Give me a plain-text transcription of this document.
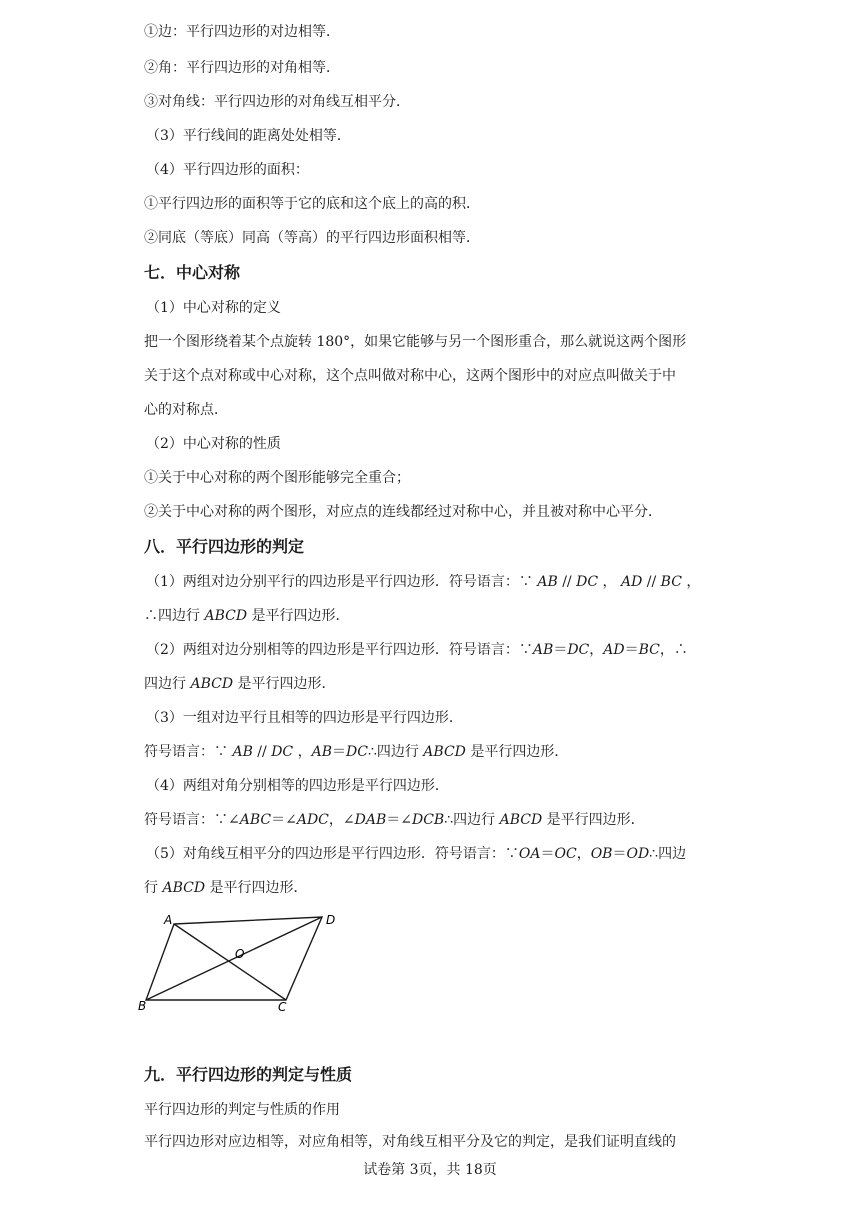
①边：平行四边形的对边相等．
②角：平行四边形的对角相等．
③对角线：平行四边形的对角线互相平分．
（3）平行线间的距离处处相等．
（4）平行四边形的面积：
①平行四边形的面积等于它的底和这个底上的高的积．
②同底（等底）同高（等高）的平行四边形面积相等．
七．中心对称
（1）中心对称的定义
把一个图形绕着某个点旋转 180°，如果它能够与另一个图形重合，那么就说这两个图形
关于这个点对称或中心对称，这个点叫做对称中心，这两个图形中的对应点叫做关于中
心的对称点．
（2）中心对称的性质
①关于中心对称的两个图形能够完全重合；
②关于中心对称的两个图形，对应点的连线都经过对称中心，并且被对称中心平分．
八．平行四边形的判定
（1）两组对边分别平行的四边形是平行四边形．符号语言：∵ AB // DC ， AD // BC ，
∴四边行 ABCD 是平行四边形．
（2）两组对边分别相等的四边形是平行四边形．符号语言：∵AB＝DC，AD＝BC，∴
四边行 ABCD 是平行四边形．
（3）一组对边平行且相等的四边形是平行四边形．
符号语言：∵ AB // DC ，AB＝DC∴四边行 ABCD 是平行四边形．
（4）两组对角分别相等的四边形是平行四边形．
符号语言：∵∠ABC＝∠ADC，∠DAB＝∠DCB∴四边行 ABCD 是平行四边形．
（5）对角线互相平分的四边形是平行四边形．符号语言：∵OA＝OC，OB＝OD∴四边
行 ABCD 是平行四边形．
A	D
O
B	C
九．平行四边形的判定与性质
平行四边形的判定与性质的作用
平行四边形对应边相等，对应角相等，对角线互相平分及它的判定，是我们证明直线的
试卷第 3页，共 18页
